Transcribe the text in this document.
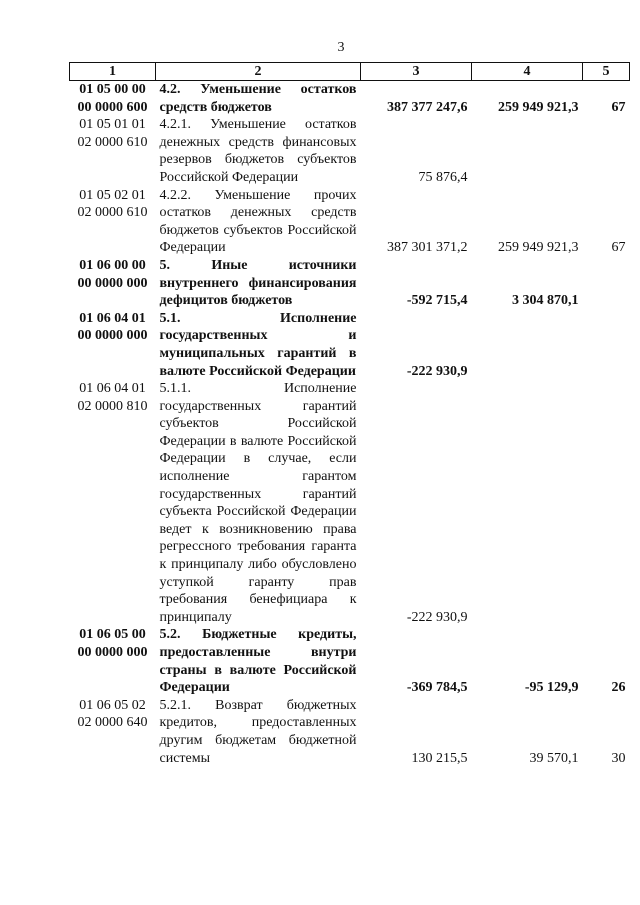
3
1	2	3	4	5
01 05 00 00 00 0000 600	4.2. Уменьшение остатков средств бюджетов	387 377 247,6	259 949 921,3	67
01 05 01 01 02 0000 610	4.2.1. Уменьшение остатков денежных средств финансовых резервов бюджетов субъектов Российской Федерации	75 876,4		
01 05 02 01 02 0000 610	4.2.2. Уменьшение прочих остатков денежных средств бюджетов субъектов Российской Федерации	387 301 371,2	259 949 921,3	67
01 06 00 00 00 0000 000	5. Иные источники внутреннего финансирования дефицитов бюджетов	-592 715,4	3 304 870,1	
01 06 04 01 00 0000 000	5.1. Исполнение государственных и муниципальных гарантий в валюте Российской Федерации	-222 930,9		
01 06 04 01 02 0000 810	5.1.1. Исполнение государственных гарантий субъектов Российской Федерации в валюте Российской Федерации в случае, если исполнение гарантом государственных гарантий субъекта Российской Федерации ведет к возникновению права регрессного требования гаранта к принципалу либо обусловлено уступкой гаранту прав требования бенефициара к принципалу	-222 930,9		
01 06 05 00 00 0000 000	5.2. Бюджетные кредиты, предоставленные внутри страны в валюте Российской Федерации	-369 784,5	-95 129,9	26
01 06 05 02 02 0000 640	5.2.1. Возврат бюджетных кредитов, предоставленных другим бюджетам бюджетной системы	130 215,5	39 570,1	30
